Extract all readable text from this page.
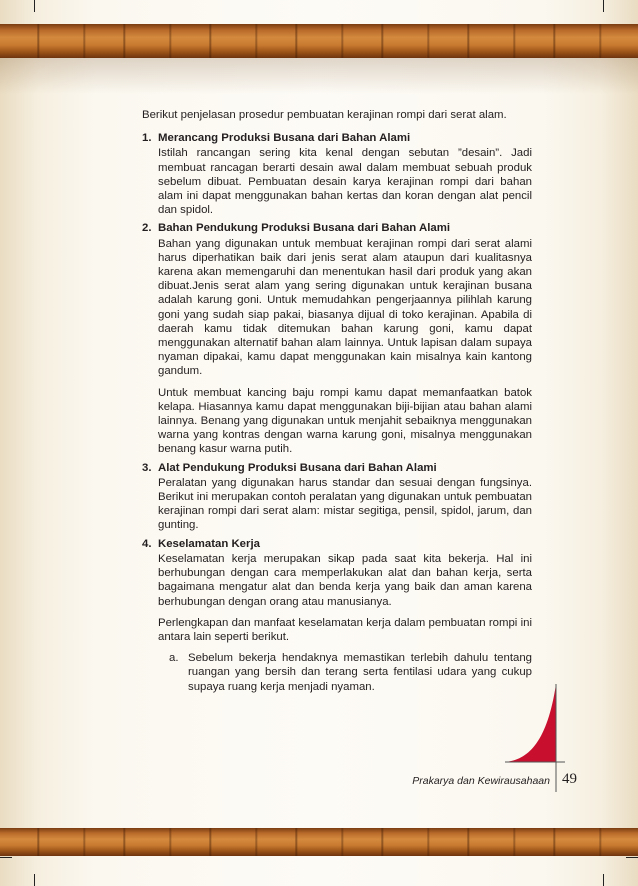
Berikut penjelasan prosedur pembuatan kerajinan rompi dari serat alam.

1. Merancang Produksi Busana dari Bahan Alami

Istilah rancangan sering kita kenal dengan sebutan ”desain”. Jadi membuat rancagan berarti desain awal dalam membuat sebuah produk sebelum dibuat. Pembuatan desain karya kerajinan rompi dari bahan alam ini dapat menggunakan bahan kertas dan koran dengan alat pencil dan spidol.

2. Bahan Pendukung Produksi Busana dari Bahan Alami

Bahan yang digunakan untuk membuat kerajinan rompi dari serat alami harus diperhatikan baik dari jenis serat alam ataupun dari kualitasnya karena akan memengaruhi dan menentukan hasil dari produk yang akan dibuat.Jenis serat alam yang sering digunakan untuk kerajinan busana adalah karung goni. Untuk memudahkan pengerjaannya pilihlah karung goni yang sudah siap pakai, biasanya dijual di toko kerajinan. Apabila di daerah kamu tidak ditemukan bahan karung goni, kamu dapat menggunakan alternatif bahan alam lainnya. Untuk lapisan dalam supaya nyaman dipakai, kamu dapat menggunakan kain misalnya kain kantong gandum.

Untuk membuat kancing baju rompi kamu dapat memanfaatkan batok kelapa. Hiasannya kamu dapat menggunakan biji-bijian atau bahan alami lainnya. Benang yang digunakan untuk menjahit sebaiknya menggunakan warna yang kontras dengan warna karung goni, misalnya menggunakan benang kasur warna putih.

3. Alat Pendukung Produksi Busana dari Bahan Alami

Peralatan yang digunakan harus standar dan sesuai dengan fungsinya. Berikut ini merupakan contoh peralatan yang digunakan untuk pembuatan kerajinan rompi dari serat alam: mistar segitiga, pensil, spidol, jarum, dan gunting.

4. Keselamatan Kerja

Keselamatan kerja merupakan sikap pada saat kita bekerja. Hal ini berhubungan dengan cara memperlakukan alat dan bahan kerja, serta bagaimana mengatur alat dan benda kerja yang baik dan aman karena berhubungan dengan orang atau manusianya.

Perlengkapan dan manfaat keselamatan kerja dalam pembuatan rompi ini antara lain seperti berikut.

a. Sebelum bekerja hendaknya memastikan terlebih dahulu tentang ruangan yang bersih dan terang serta fentilasi udara yang cukup supaya ruang kerja menjadi nyaman.
Prakarya dan Kewirausahaan 49
